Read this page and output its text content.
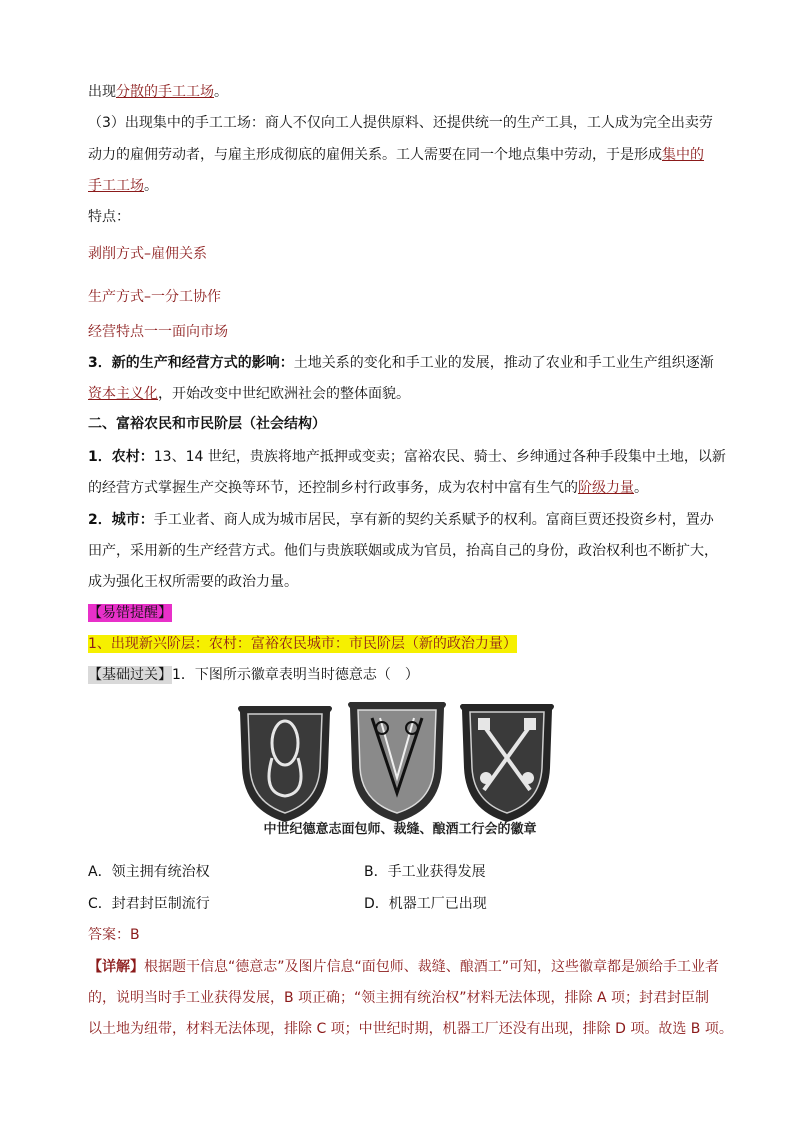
出现分散的手工工场。
（3）出现集中的手工工场：商人不仅向工人提供原料、还提供统一的生产工具，工人成为完全出卖劳
动力的雇佣劳动者，与雇主形成彻底的雇佣关系。工人需要在同一个地点集中劳动，于是形成集中的
手工工场。
特点：
剥削方式–雇佣关系
生产方式–一分工协作
经营特点一一面向市场
3．新的生产和经营方式的影响：土地关系的变化和手工业的发展，推动了农业和手工业生产组织逐渐
资本主义化，开始改变中世纪欧洲社会的整体面貌。
二、富裕农民和市民阶层（社会结构）
1．农村：13、14 世纪，贵族将地产抵押或变卖；富裕农民、骑士、乡绅通过各种手段集中土地，以新
的经营方式掌握生产交换等环节，还控制乡村行政事务，成为农村中富有生气的阶级力量。
2．城市：手工业者、商人成为城市居民，享有新的契约关系赋予的权利。富商巨贾还投资乡村，置办
田产，采用新的生产经营方式。他们与贵族联姻或成为官员，抬高自己的身份，政治权利也不断扩大，
成为强化王权所需要的政治力量。
【易错提醒】
1、出现新兴阶层：农村：富裕农民城市：市民阶层（新的政治力量）
【基础过关】1．下图所示徽章表明当时德意志（　）
中世纪德意志面包师、裁缝、酿酒工行会的徽章
A．领主拥有统治权	B．手工业获得发展
C．封君封臣制流行	D．机器工厂已出现
答案：B
【详解】根据题干信息“德意志”及图片信息“面包师、裁缝、酿酒工”可知，这些徽章都是颁给手工业者
的，说明当时手工业获得发展，B 项正确；“领主拥有统治权”材料无法体现，排除 A 项；封君封臣制
以土地为纽带，材料无法体现，排除 C 项；中世纪时期，机器工厂还没有出现，排除 D 项。故选 B 项。
